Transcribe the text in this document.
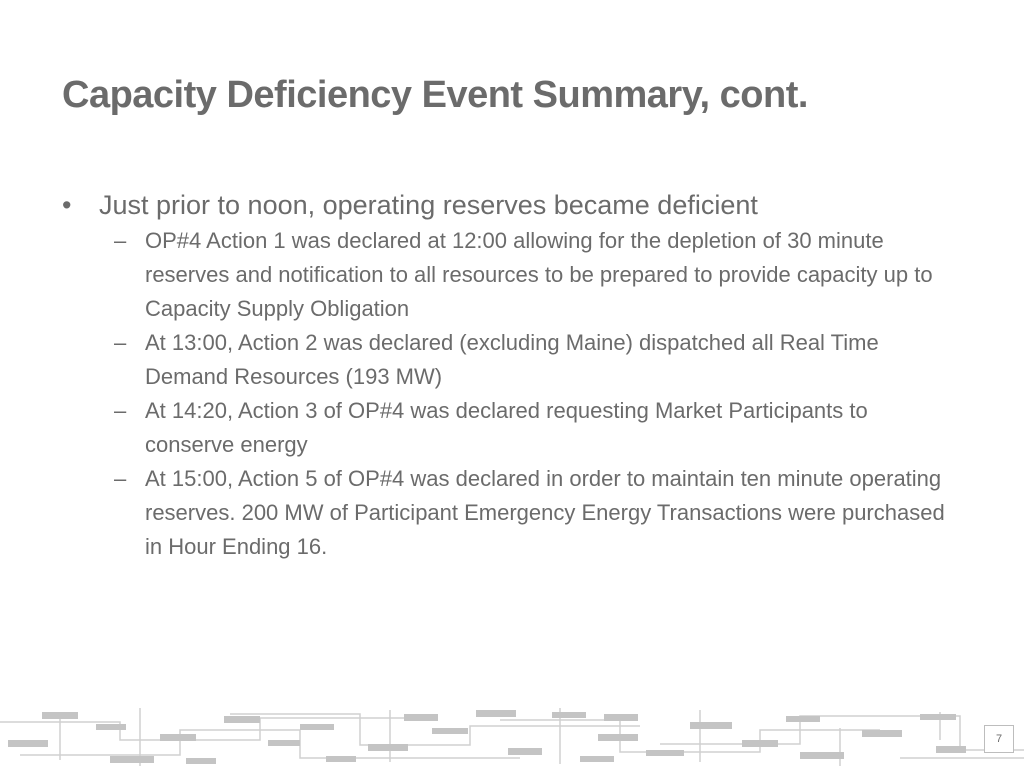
Capacity Deficiency Event Summary, cont.
• Just prior to noon, operating reserves became deficient
– OP#4 Action 1 was declared at 12:00 allowing for the depletion of 30 minute reserves and notification to all resources to be prepared to provide capacity up to Capacity Supply Obligation
– At 13:00, Action 2 was declared (excluding Maine) dispatched all Real Time Demand Resources (193 MW)
– At 14:20, Action 3 of OP#4 was declared requesting Market Participants to conserve energy
– At 15:00, Action 5 of OP#4 was declared in order to maintain ten minute operating reserves. 200 MW of Participant Emergency Energy Transactions were purchased in Hour Ending 16.
7
